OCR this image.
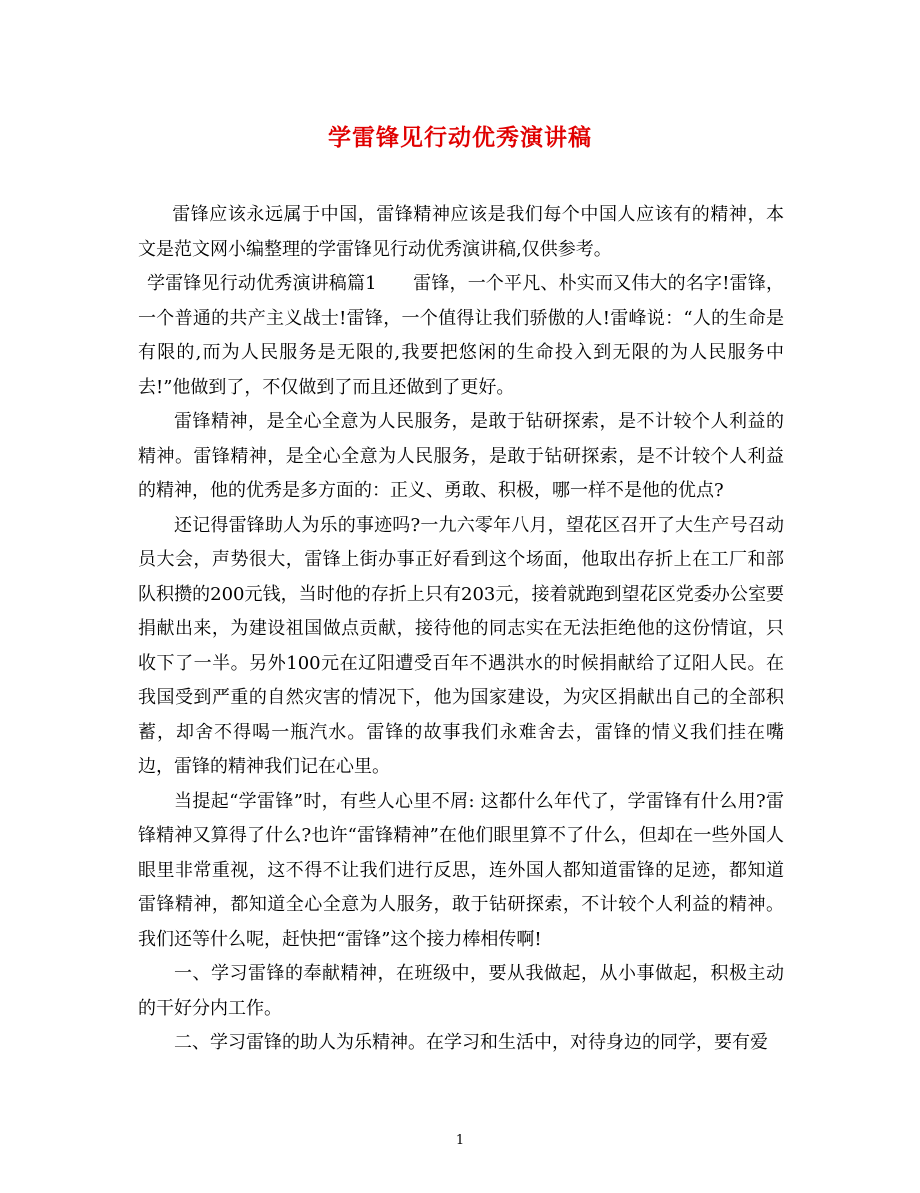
学雷锋见行动优秀演讲稿

雷锋应该永远属于中国，雷锋精神应该是我们每个中国人应该有的精神，本文是范文网小编整理的学雷锋见行动优秀演讲稿,仅供参考。

学雷锋见行动优秀演讲稿篇1　　雷锋，一个平凡、朴实而又伟大的名字!雷锋，一个普通的共产主义战士!雷锋，一个值得让我们骄傲的人!雷峰说：“人的生命是有限的,而为人民服务是无限的,我要把悠闲的生命投入到无限的为人民服务中去!”他做到了，不仅做到了而且还做到了更好。

雷锋精神，是全心全意为人民服务，是敢于钻研探索，是不计较个人利益的精神。雷锋精神，是全心全意为人民服务，是敢于钻研探索，是不计较个人利益的精神，他的优秀是多方面的：正义、勇敢、积极，哪一样不是他的优点?

还记得雷锋助人为乐的事迹吗?一九六零年八月，望花区召开了大生产号召动员大会，声势很大，雷锋上街办事正好看到这个场面，他取出存折上在工厂和部队积攒的200元钱，当时他的存折上只有203元，接着就跑到望花区党委办公室要捐献出来，为建设祖国做点贡献，接待他的同志实在无法拒绝他的这份情谊，只收下了一半。另外100元在辽阳遭受百年不遇洪水的时候捐献给了辽阳人民。在我国受到严重的自然灾害的情况下，他为国家建设，为灾区捐献出自己的全部积蓄，却舍不得喝一瓶汽水。雷锋的故事我们永难舍去，雷锋的情义我们挂在嘴边，雷锋的精神我们记在心里。

当提起“学雷锋”时，有些人心里不屑: 这都什么年代了，学雷锋有什么用?雷锋精神又算得了什么?也许“雷锋精神”在他们眼里算不了什么，但却在一些外国人眼里非常重视，这不得不让我们进行反思，连外国人都知道雷锋的足迹，都知道雷锋精神，都知道全心全意为人服务，敢于钻研探索，不计较个人利益的精神。我们还等什么呢，赶快把“雷锋”这个接力棒相传啊!

一、学习雷锋的奉献精神，在班级中，要从我做起，从小事做起，积极主动的干好分内工作。

二、学习雷锋的助人为乐精神。在学习和生活中，对待身边的同学，要有爱

1
